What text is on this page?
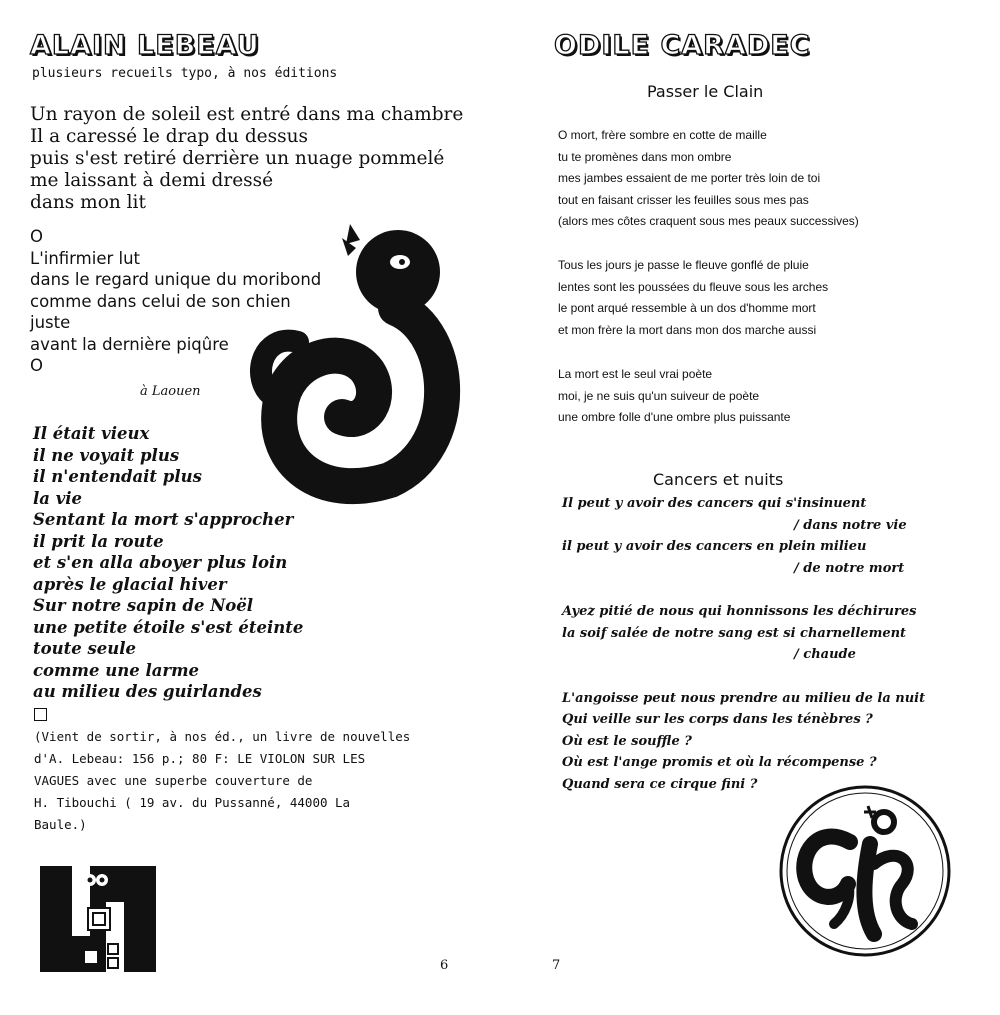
ALAIN LEBEAU

plusieurs recueils typo, à nos éditions

Un rayon de soleil est entré dans ma chambre
Il a caressé le drap du dessus
puis s'est retiré derrière un nuage pommelé
me laissant à demi dressé
dans mon lit
O
L'infirmier lut
dans le regard unique du moribond
comme dans celui de son chien
juste
avant la dernière piqûre
O

à Laouen

Il était vieux
il ne voyait plus
il n'entendait plus
la vie
Sentant la mort s'approcher
il prit la route
et s'en alla aboyer plus loin
après le glacial hiver
Sur notre sapin de Noël
une petite étoile s'est éteinte
toute seule
comme une larme
au milieu des guirlandes
(Vient de sortir, à nos éd., un livre de nouvelles
d'A. Lebeau: 156 p.; 80 F: LE VIOLON SUR LES
VAGUES avec une superbe couverture de
H. Tibouchi ( 19 av. du Pussanné, 44000 La
Baule.)
6
ODILE CARADEC

Passer le Clain

O mort, frère sombre en cotte de maille
tu te promènes dans mon ombre
mes jambes essaient de me porter très loin de toi
tout en faisant crisser les feuilles sous mes pas
(alors mes côtes craquent sous mes peaux successives)
Tous les jours je passe le fleuve gonflé de pluie
lentes sont les poussées du fleuve sous les arches
le pont arqué ressemble à un dos d'homme mort
et mon frère la mort dans mon dos marche aussi
La mort est le seul vrai poète
moi, je ne suis qu'un suiveur de poète
une ombre folle d'une ombre plus puissante

Cancers et nuits

Il peut y avoir des cancers qui s'insinuent
/ dans notre vie
il peut y avoir des cancers en plein milieu
/ de notre mort
Ayez pitié de nous qui honnissons les déchirures
la soif salée de notre sang est si charnellement
/ chaude
L'angoisse peut nous prendre au milieu de la nuit
Qui veille sur les corps dans les ténèbres ?
Où est le souffle ?
Où est l'ange promis et où la récompense ?
Quand sera ce cirque fini ?
7
